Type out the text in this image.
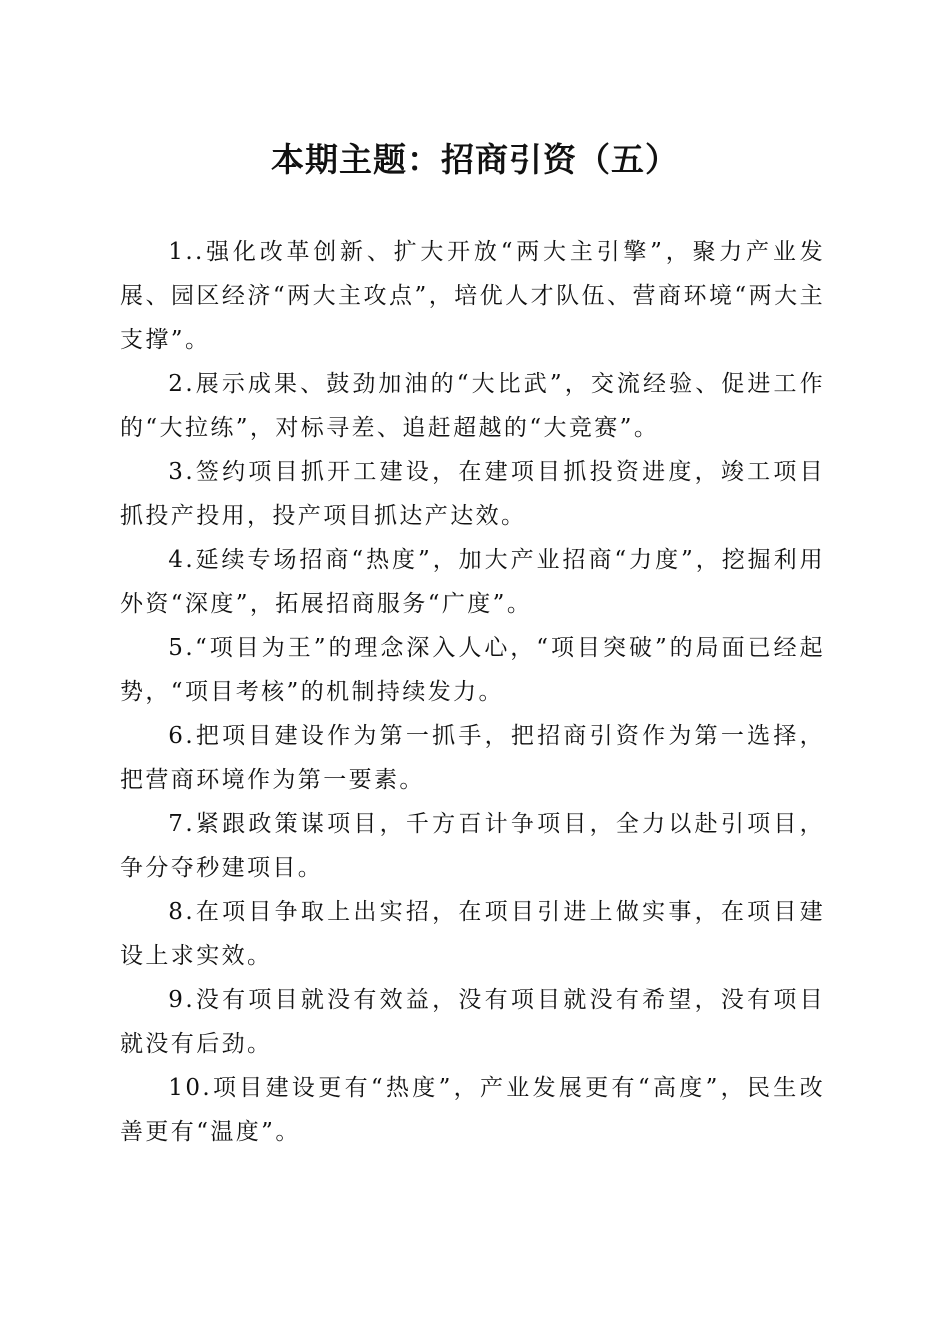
本期主题：招商引资（五）

1..强化改革创新、扩大开放“两大主引擎”，聚力产业发展、园区经济“两大主攻点”，培优人才队伍、营商环境“两大主支撑”。

2.展示成果、鼓劲加油的“大比武”，交流经验、促进工作的“大拉练”，对标寻差、追赶超越的“大竞赛”。

3.签约项目抓开工建设，在建项目抓投资进度，竣工项目抓投产投用，投产项目抓达产达效。

4.延续专场招商“热度”，加大产业招商“力度”，挖掘利用外资“深度”，拓展招商服务“广度”。

5.“项目为王”的理念深入人心，“项目突破”的局面已经起势，“项目考核”的机制持续发力。

6.把项目建设作为第一抓手，把招商引资作为第一选择，把营商环境作为第一要素。

7.紧跟政策谋项目，千方百计争项目，全力以赴引项目，争分夺秒建项目。

8.在项目争取上出实招，在项目引进上做实事，在项目建设上求实效。

9.没有项目就没有效益，没有项目就没有希望，没有项目就没有后劲。

10.项目建设更有“热度”，产业发展更有“高度”，民生改善更有“温度”。
